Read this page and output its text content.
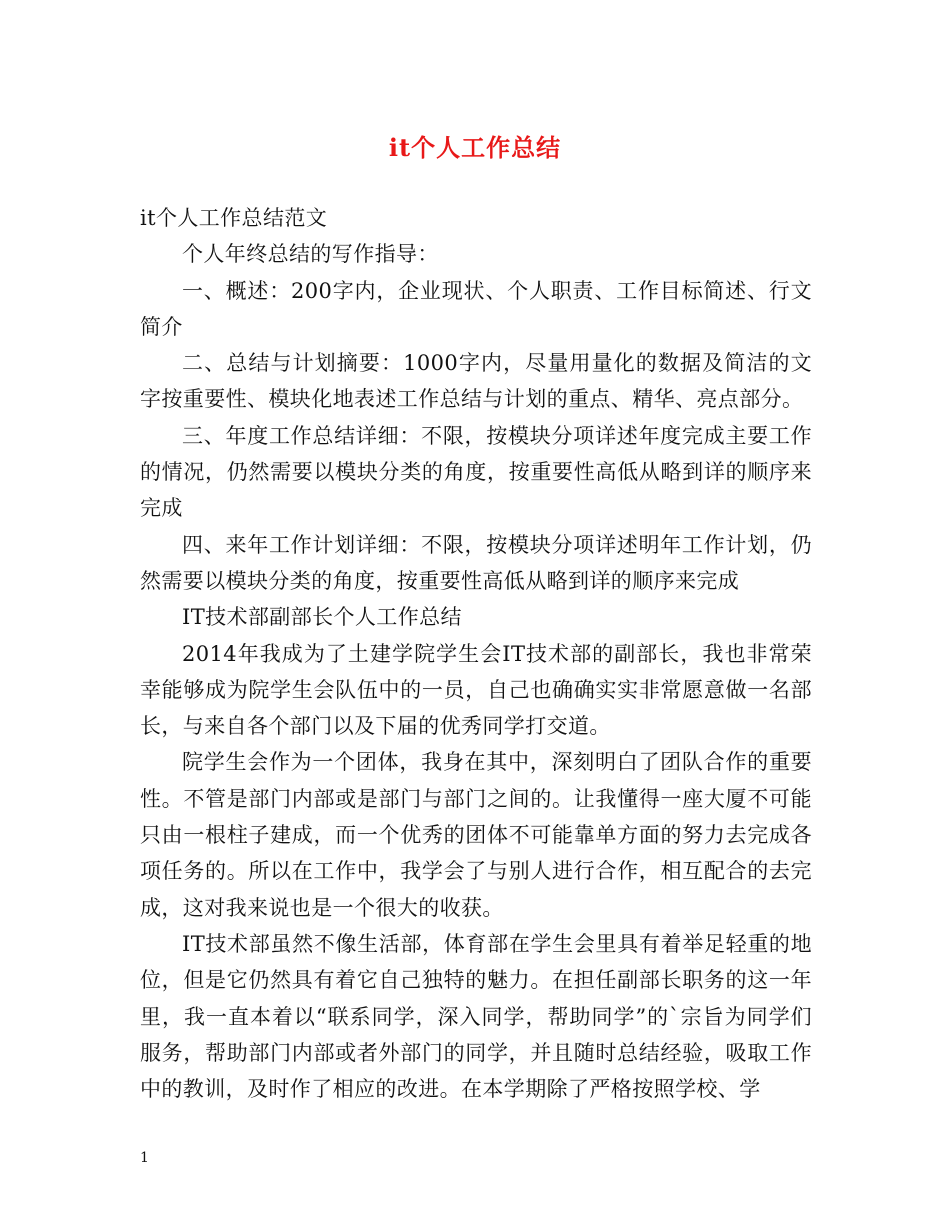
it个人工作总结

it个人工作总结范文

个人年终总结的写作指导：

一、概述：200字内，企业现状、个人职责、工作目标简述、行文简介

二、总结与计划摘要：1000字内，尽量用量化的数据及简洁的文字按重要性、模块化地表述工作总结与计划的重点、精华、亮点部分。

三、年度工作总结详细：不限，按模块分项详述年度完成主要工作的情况，仍然需要以模块分类的角度，按重要性高低从略到详的顺序来完成

四、来年工作计划详细：不限，按模块分项详述明年工作计划，仍然需要以模块分类的角度，按重要性高低从略到详的顺序来完成

IT技术部副部长个人工作总结

2014年我成为了土建学院学生会IT技术部的副部长，我也非常荣幸能够成为院学生会队伍中的一员，自己也确确实实非常愿意做一名部长，与来自各个部门以及下届的优秀同学打交道。

院学生会作为一个团体，我身在其中，深刻明白了团队合作的重要性。不管是部门内部或是部门与部门之间的。让我懂得一座大厦不可能只由一根柱子建成，而一个优秀的团体不可能靠单方面的努力去完成各项任务的。所以在工作中，我学会了与别人进行合作，相互配合的去完成，这对我来说也是一个很大的收获。

IT技术部虽然不像生活部，体育部在学生会里具有着举足轻重的地位，但是它仍然具有着它自己独特的魅力。在担任副部长职务的这一年里，我一直本着以“联系同学，深入同学，帮助同学”的`宗旨为同学们服务，帮助部门内部或者外部门的同学，并且随时总结经验，吸取工作中的教训，及时作了相应的改进。在本学期除了严格按照学校、学

1
